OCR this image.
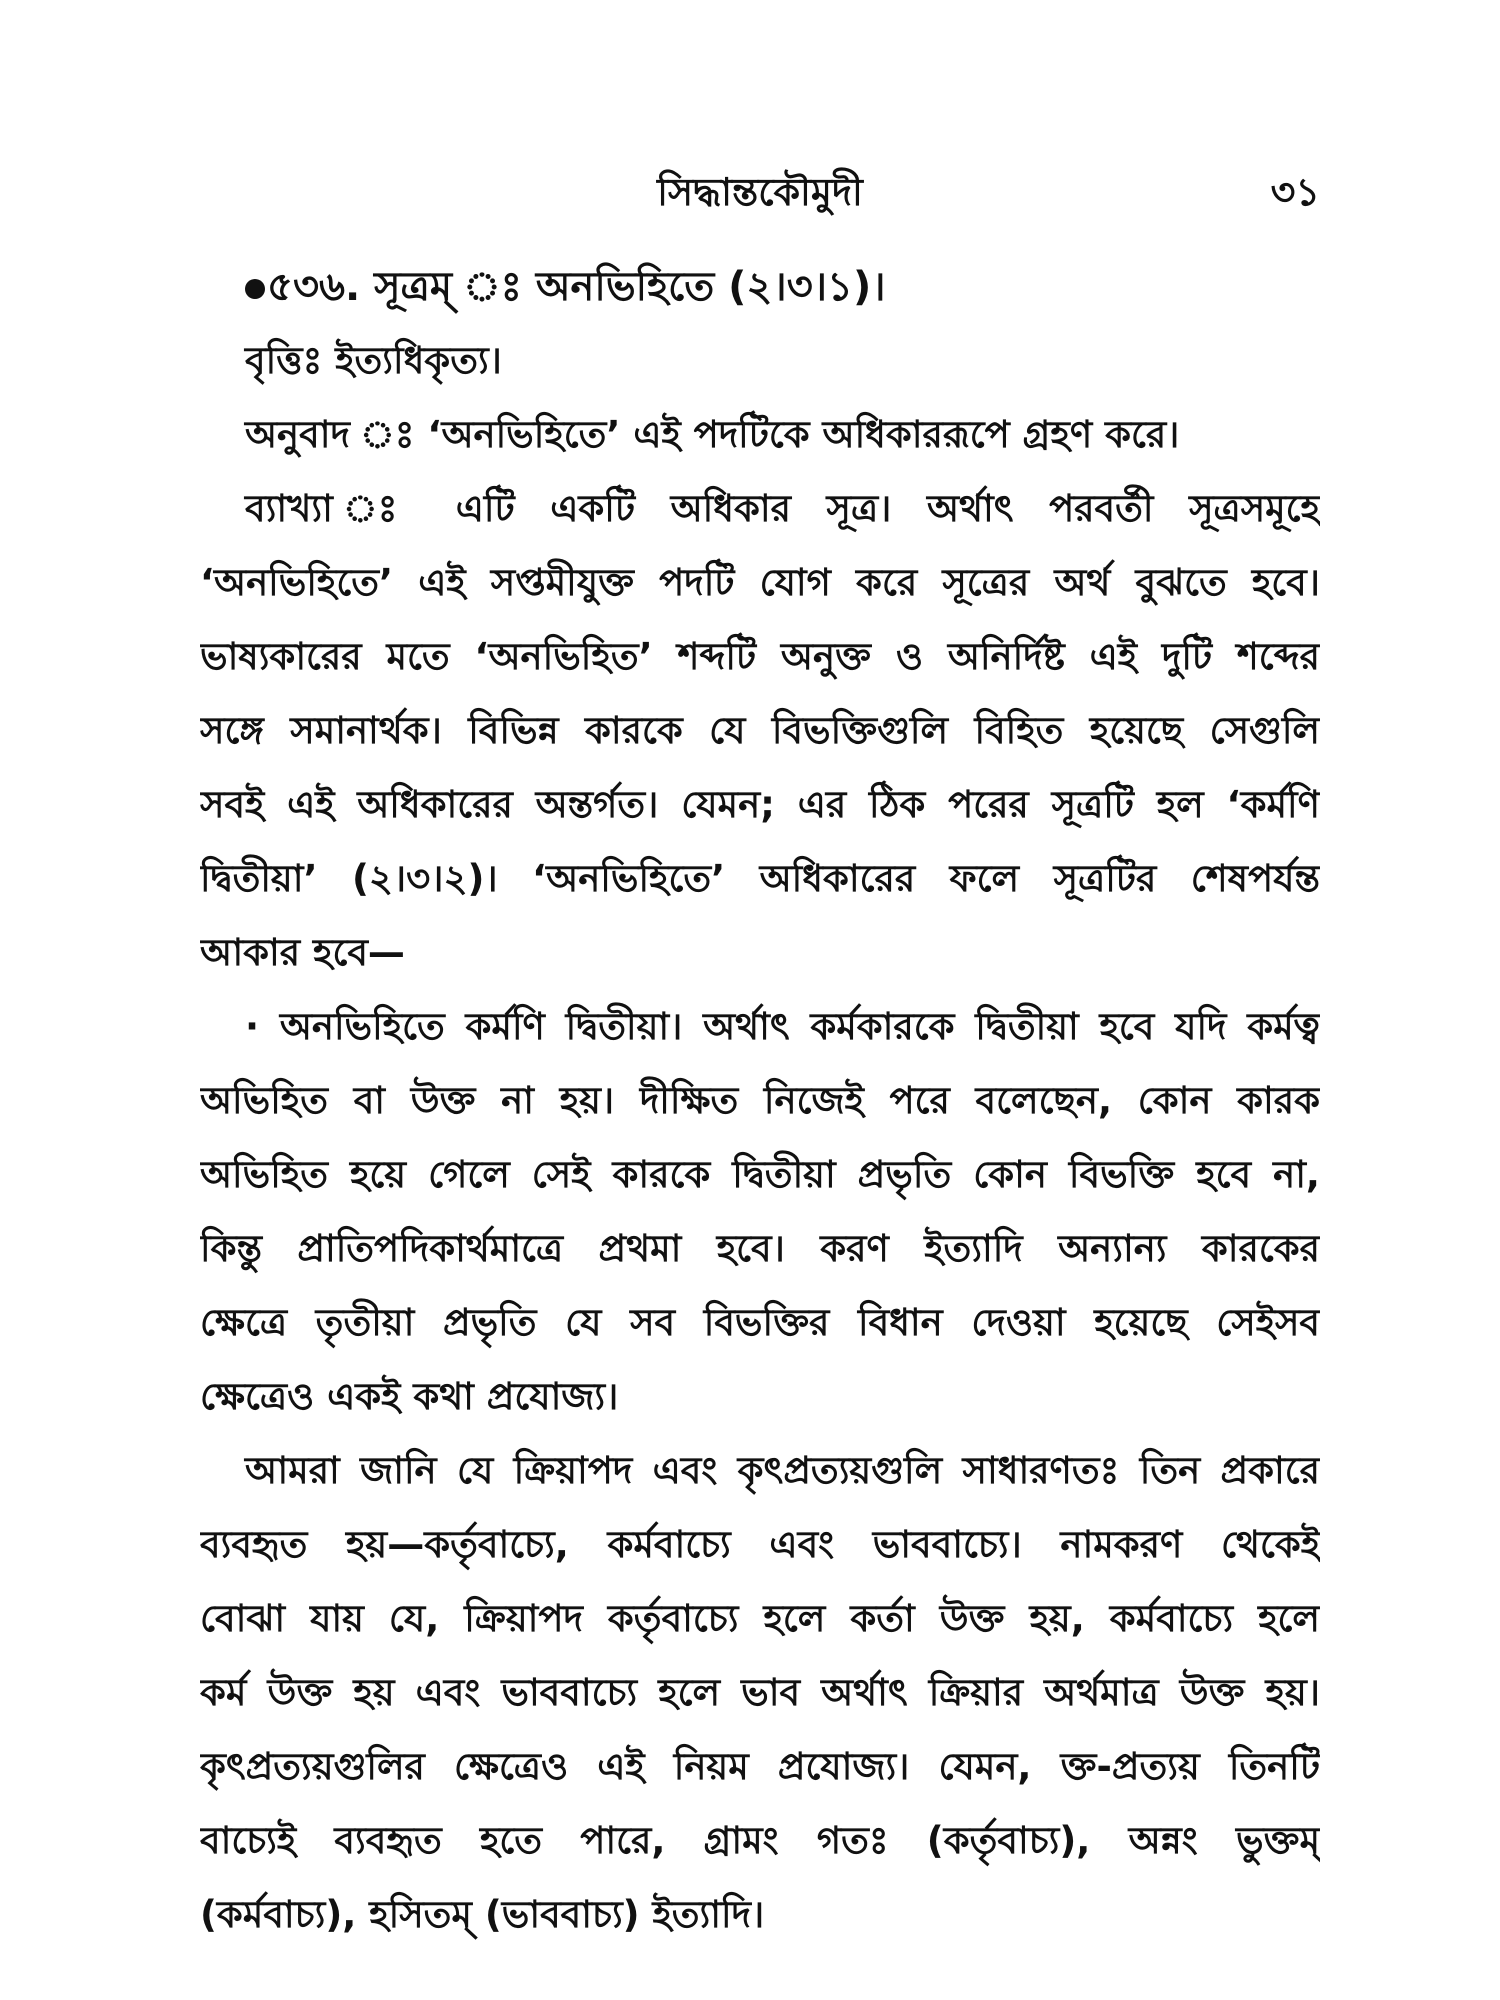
সিদ্ধান্তকৌমুদী	৩১
৫৩৬. সূত্রম্ ঃ অনভিহিতে (২।৩।১)।
বৃত্তিঃ ইত্যধিকৃত্য।
অনুবাদ ঃ ‘অনভিহিতে’ এই পদটিকে অধিকাররূপে গ্রহণ করে।
ব্যাখ্যা ঃ এটি একটি অধিকার সূত্র। অর্থাৎ পরবর্তী সূত্রসমূহে
‘অনভিহিতে’ এই সপ্তমীযুক্ত পদটি যোগ করে সূত্রের অর্থ বুঝতে হবে।
ভাষ্যকারের মতে ‘অনভিহিত’ শব্দটি অনুক্ত ও অনির্দিষ্ট এই দুটি শব্দের
সঙ্গে সমানার্থক। বিভিন্ন কারকে যে বিভক্তিগুলি বিহিত হয়েছে সেগুলি
সবই এই অধিকারের অন্তর্গত। যেমন; এর ঠিক পরের সূত্রটি হল ‘কর্মণি
দ্বিতীয়া’ (২।৩।২)। ‘অনভিহিতে’ অধিকারের ফলে সূত্রটির শেষপর্যন্ত
আকার হবে—
· অনভিহিতে কর্মণি দ্বিতীয়া। অর্থাৎ কর্মকারকে দ্বিতীয়া হবে যদি কর্মত্ব
অভিহিত বা উক্ত না হয়। দীক্ষিত নিজেই পরে বলেছেন, কোন কারক
অভিহিত হয়ে গেলে সেই কারকে দ্বিতীয়া প্রভৃতি কোন বিভক্তি হবে না,
কিন্তু প্রাতিপদিকার্থমাত্রে প্রথমা হবে। করণ ইত্যাদি অন্যান্য কারকের
ক্ষেত্রে তৃতীয়া প্রভৃতি যে সব বিভক্তির বিধান দেওয়া হয়েছে সেইসব
ক্ষেত্রেও একই কথা প্রযোজ্য।
আমরা জানি যে ক্রিয়াপদ এবং কৃৎপ্রত্যয়গুলি সাধারণতঃ তিন প্রকারে
ব্যবহৃত হয়—কর্তৃবাচ্যে, কর্মবাচ্যে এবং ভাববাচ্যে। নামকরণ থেকেই
বোঝা যায় যে, ক্রিয়াপদ কর্তৃবাচ্যে হলে কর্তা উক্ত হয়, কর্মবাচ্যে হলে
কর্ম উক্ত হয় এবং ভাববাচ্যে হলে ভাব অর্থাৎ ক্রিয়ার অর্থমাত্র উক্ত হয়।
কৃৎপ্রত্যয়গুলির ক্ষেত্রেও এই নিয়ম প্রযোজ্য। যেমন, ক্ত-প্রত্যয় তিনটি
বাচ্যেই ব্যবহৃত হতে পারে, গ্রামং গতঃ (কর্তৃবাচ্য), অন্নং ভুক্তম্
(কর্মবাচ্য), হসিতম্ (ভাববাচ্য) ইত্যাদি।
